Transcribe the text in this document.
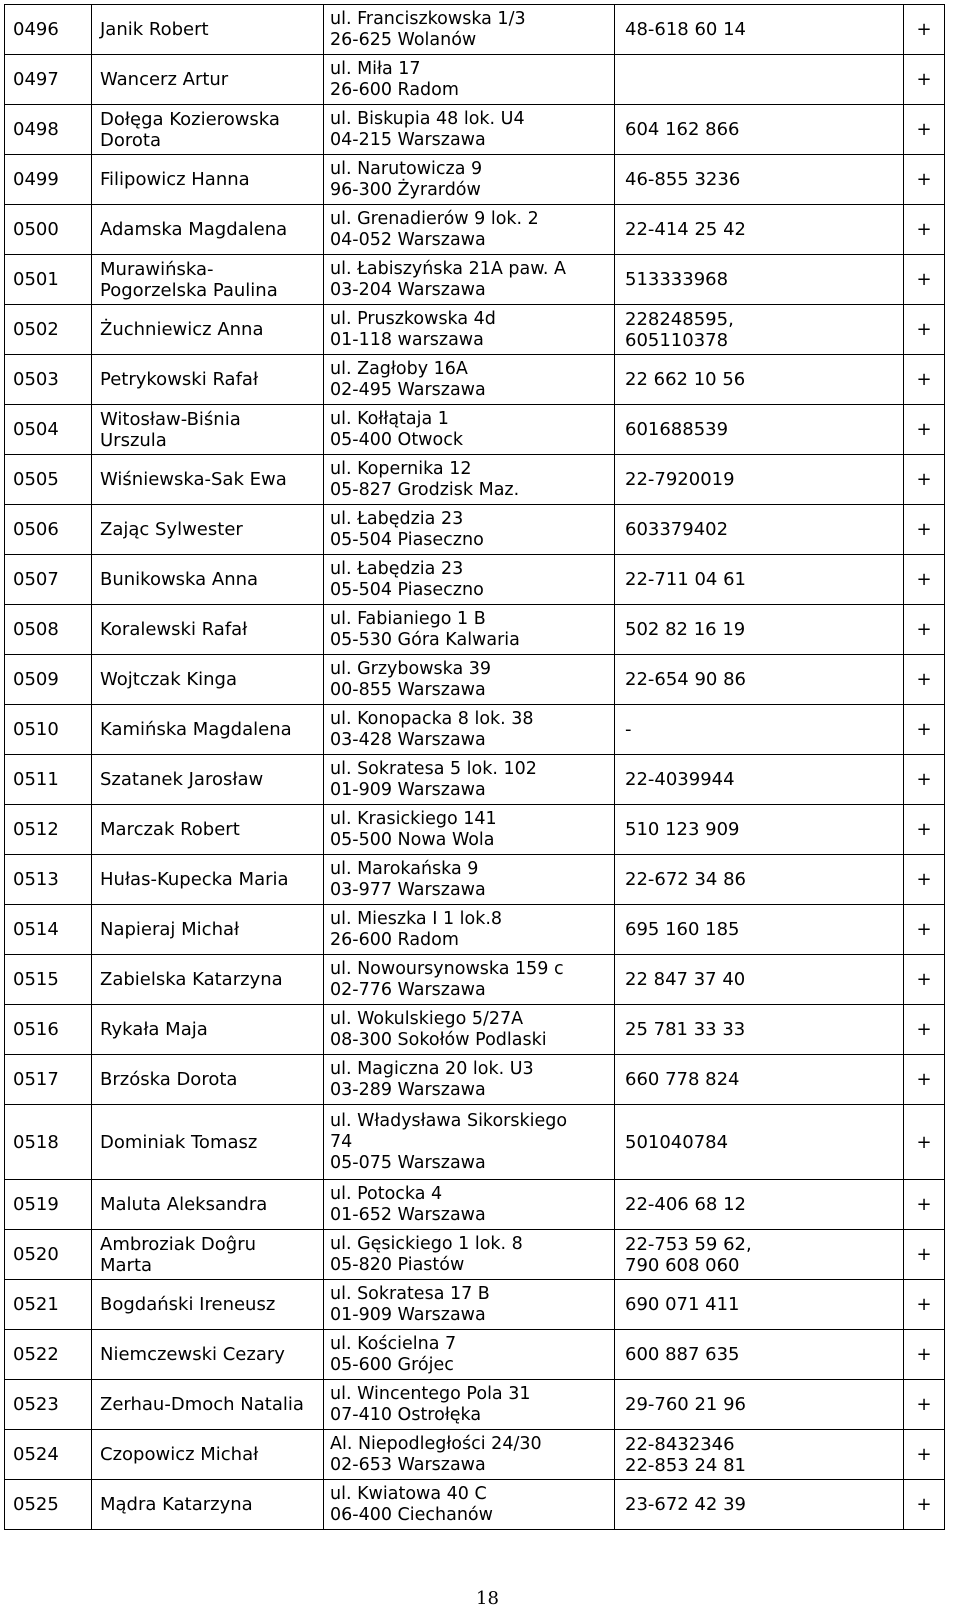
0496	Janik Robert	ul. Franciszkowska 1/3
26-625 Wolanów	48-618 60 14	+

0497	Wancerz Artur	ul. Miła 17
26-600 Radom		+

0498	Dołęga Kozierowska
Dorota	ul. Biskupia 48 lok. U4
04-215 Warszawa	604 162 866	+

0499	Filipowicz Hanna	ul. Narutowicza 9
96-300 Żyrardów	46-855 3236	+

0500	Adamska Magdalena	ul. Grenadierów 9 lok. 2
04-052 Warszawa	22-414 25 42	+

0501	Murawińska-
Pogorzelska Paulina	ul. Łabiszyńska 21A paw. A
03-204 Warszawa	513333968	+

0502	Żuchniewicz Anna	ul. Pruszkowska 4d
01-118 warszawa	228248595,
605110378	+

0503	Petrykowski Rafał	ul. Zagłoby 16A
02-495 Warszawa	22 662 10 56	+

0504	Witosław-Biśnia
Urszula	ul. Kołłątaja 1
05-400 Otwock	601688539	+

0505	Wiśniewska-Sak Ewa	ul. Kopernika 12
05-827 Grodzisk Maz.	22-7920019	+

0506	Zając Sylwester	ul. Łabędzia 23
05-504 Piaseczno	603379402	+

0507	Bunikowska Anna	ul. Łabędzia 23
05-504 Piaseczno	22-711 04 61	+

0508	Koralewski Rafał	ul. Fabianiego 1 B
05-530 Góra Kalwaria	502 82 16 19	+

0509	Wojtczak Kinga	ul. Grzybowska 39
00-855 Warszawa	22-654 90 86	+

0510	Kamińska Magdalena	ul. Konopacka 8 lok. 38
03-428 Warszawa	-	+

0511	Szatanek Jarosław	ul. Sokratesa 5 lok. 102
01-909 Warszawa	22-4039944	+

0512	Marczak Robert	ul. Krasickiego 141
05-500 Nowa Wola	510 123 909	+

0513	Hułas-Kupecka Maria	ul. Marokańska 9
03-977 Warszawa	22-672 34 86	+

0514	Napieraj Michał	ul. Mieszka I 1 lok.8
26-600 Radom	695 160 185	+

0515	Zabielska Katarzyna	ul. Nowoursynowska 159 c
02-776 Warszawa	22 847 37 40	+

0516	Rykała Maja	ul. Wokulskiego 5/27A
08-300 Sokołów Podlaski	25 781 33 33	+

0517	Brzóska Dorota	ul. Magiczna 20 lok. U3
03-289 Warszawa	660 778 824	+

0518	Dominiak Tomasz	ul. Władysława Sikorskiego
74
05-075 Warszawa	501040784	+

0519	Maluta Aleksandra	ul. Potocka 4
01-652 Warszawa	22-406 68 12	+

0520	Ambroziak Doĝru
Marta	ul. Gęsickiego 1 lok. 8
05-820 Piastów	22-753 59 62,
790 608 060	+

0521	Bogdański Ireneusz	ul. Sokratesa 17 B
01-909 Warszawa	690 071 411	+

0522	Niemczewski Cezary	ul. Kościelna 7
05-600 Grójec	600 887 635	+

0523	Zerhau-Dmoch Natalia	ul. Wincentego Pola 31
07-410 Ostrołęka	29-760 21 96	+

0524	Czopowicz Michał	Al. Niepodległości 24/30
02-653 Warszawa	22-8432346
22-853 24 81	+

0525	Mądra Katarzyna	ul. Kwiatowa 40 C
06-400 Ciechanów	23-672 42 39	+
18
